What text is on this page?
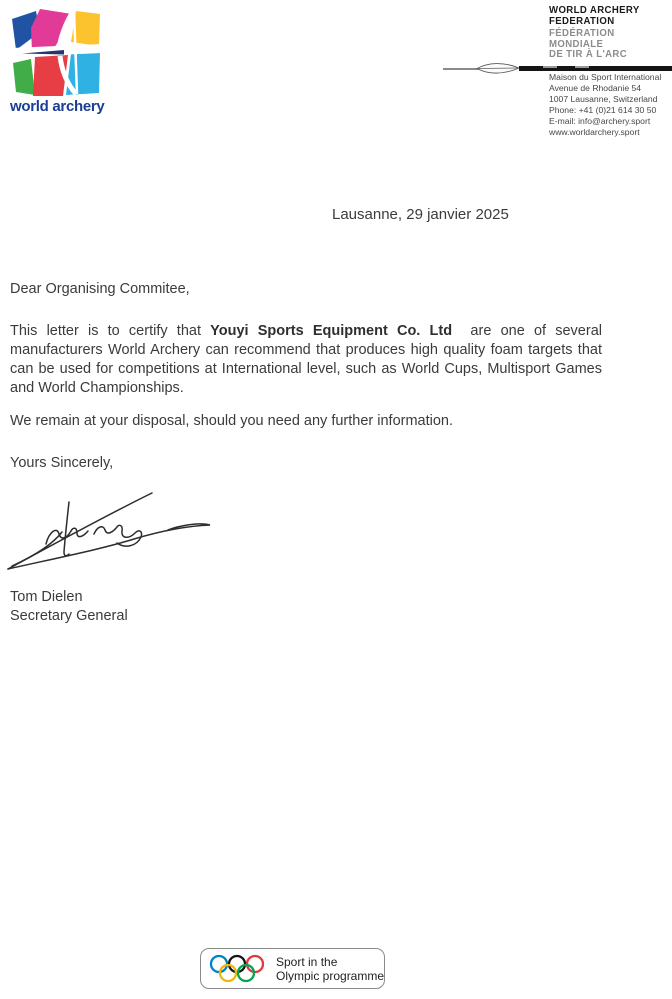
world archery
WORLD ARCHERY
FEDERATION
FÉDÉRATION
MONDIALE
DE TIR À L'ARC
Maison du Sport International
Avenue de Rhodanie 54
1007 Lausanne, Switzerland
Phone: +41 (0)21 614 30 50
E-mail: info@archery.sport
www.worldarchery.sport
Lausanne, 29 janvier 2025

Dear Organising Commitee,

This letter is to certify that Youyi Sports Equipment Co. Ltd  are one of several manufacturers World Archery can recommend that produces high quality foam targets that can be used for competitions at International level, such as World Cups, Multisport Games and World Championships.

We remain at your disposal, should you need any further information.

Yours Sincerely,

Tom Dielen
Secretary General
Sport in the
Olympic programme
